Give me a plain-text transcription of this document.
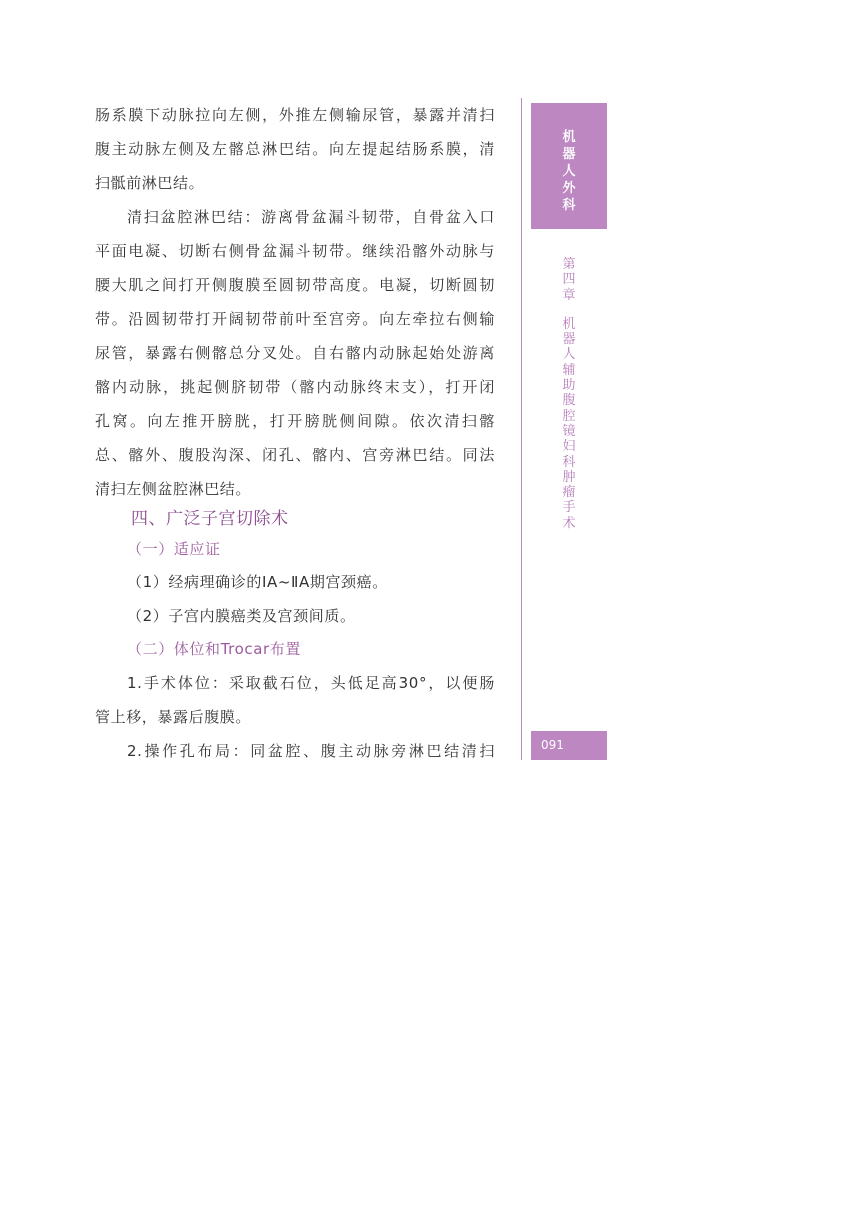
肠系膜下动脉拉向左侧，外推左侧输尿管，暴露并清扫
腹主动脉左侧及左髂总淋巴结。向左提起结肠系膜，清
扫骶前淋巴结。
清扫盆腔淋巴结：游离骨盆漏斗韧带，自骨盆入口
平面电凝、切断右侧骨盆漏斗韧带。继续沿髂外动脉与
腰大肌之间打开侧腹膜至圆韧带高度。电凝，切断圆韧
带。沿圆韧带打开阔韧带前叶至宫旁。向左牵拉右侧输
尿管，暴露右侧髂总分叉处。自右髂内动脉起始处游离
髂内动脉，挑起侧脐韧带（髂内动脉终末支），打开闭
孔窝。向左推开膀胱，打开膀胱侧间隙。依次清扫髂
总、髂外、腹股沟深、闭孔、髂内、宫旁淋巴结。同法
清扫左侧盆腔淋巴结。
四、广泛子宫切除术
（一）适应证
（1）经病理确诊的ⅠA~ⅡA期宫颈癌。
（2）子宫内膜癌类及宫颈间质。
（二）体位和Trocar布置
1.手术体位：采取截石位，头低足高30°，以便肠
管上移，暴露后腹膜。
2.操作孔布局：同盆腔、腹主动脉旁淋巴结清扫
机
器
人
外
科
第
四
章
机
器
人
辅
助
腹
腔
镜
妇
科
肿
瘤
手
术
091
